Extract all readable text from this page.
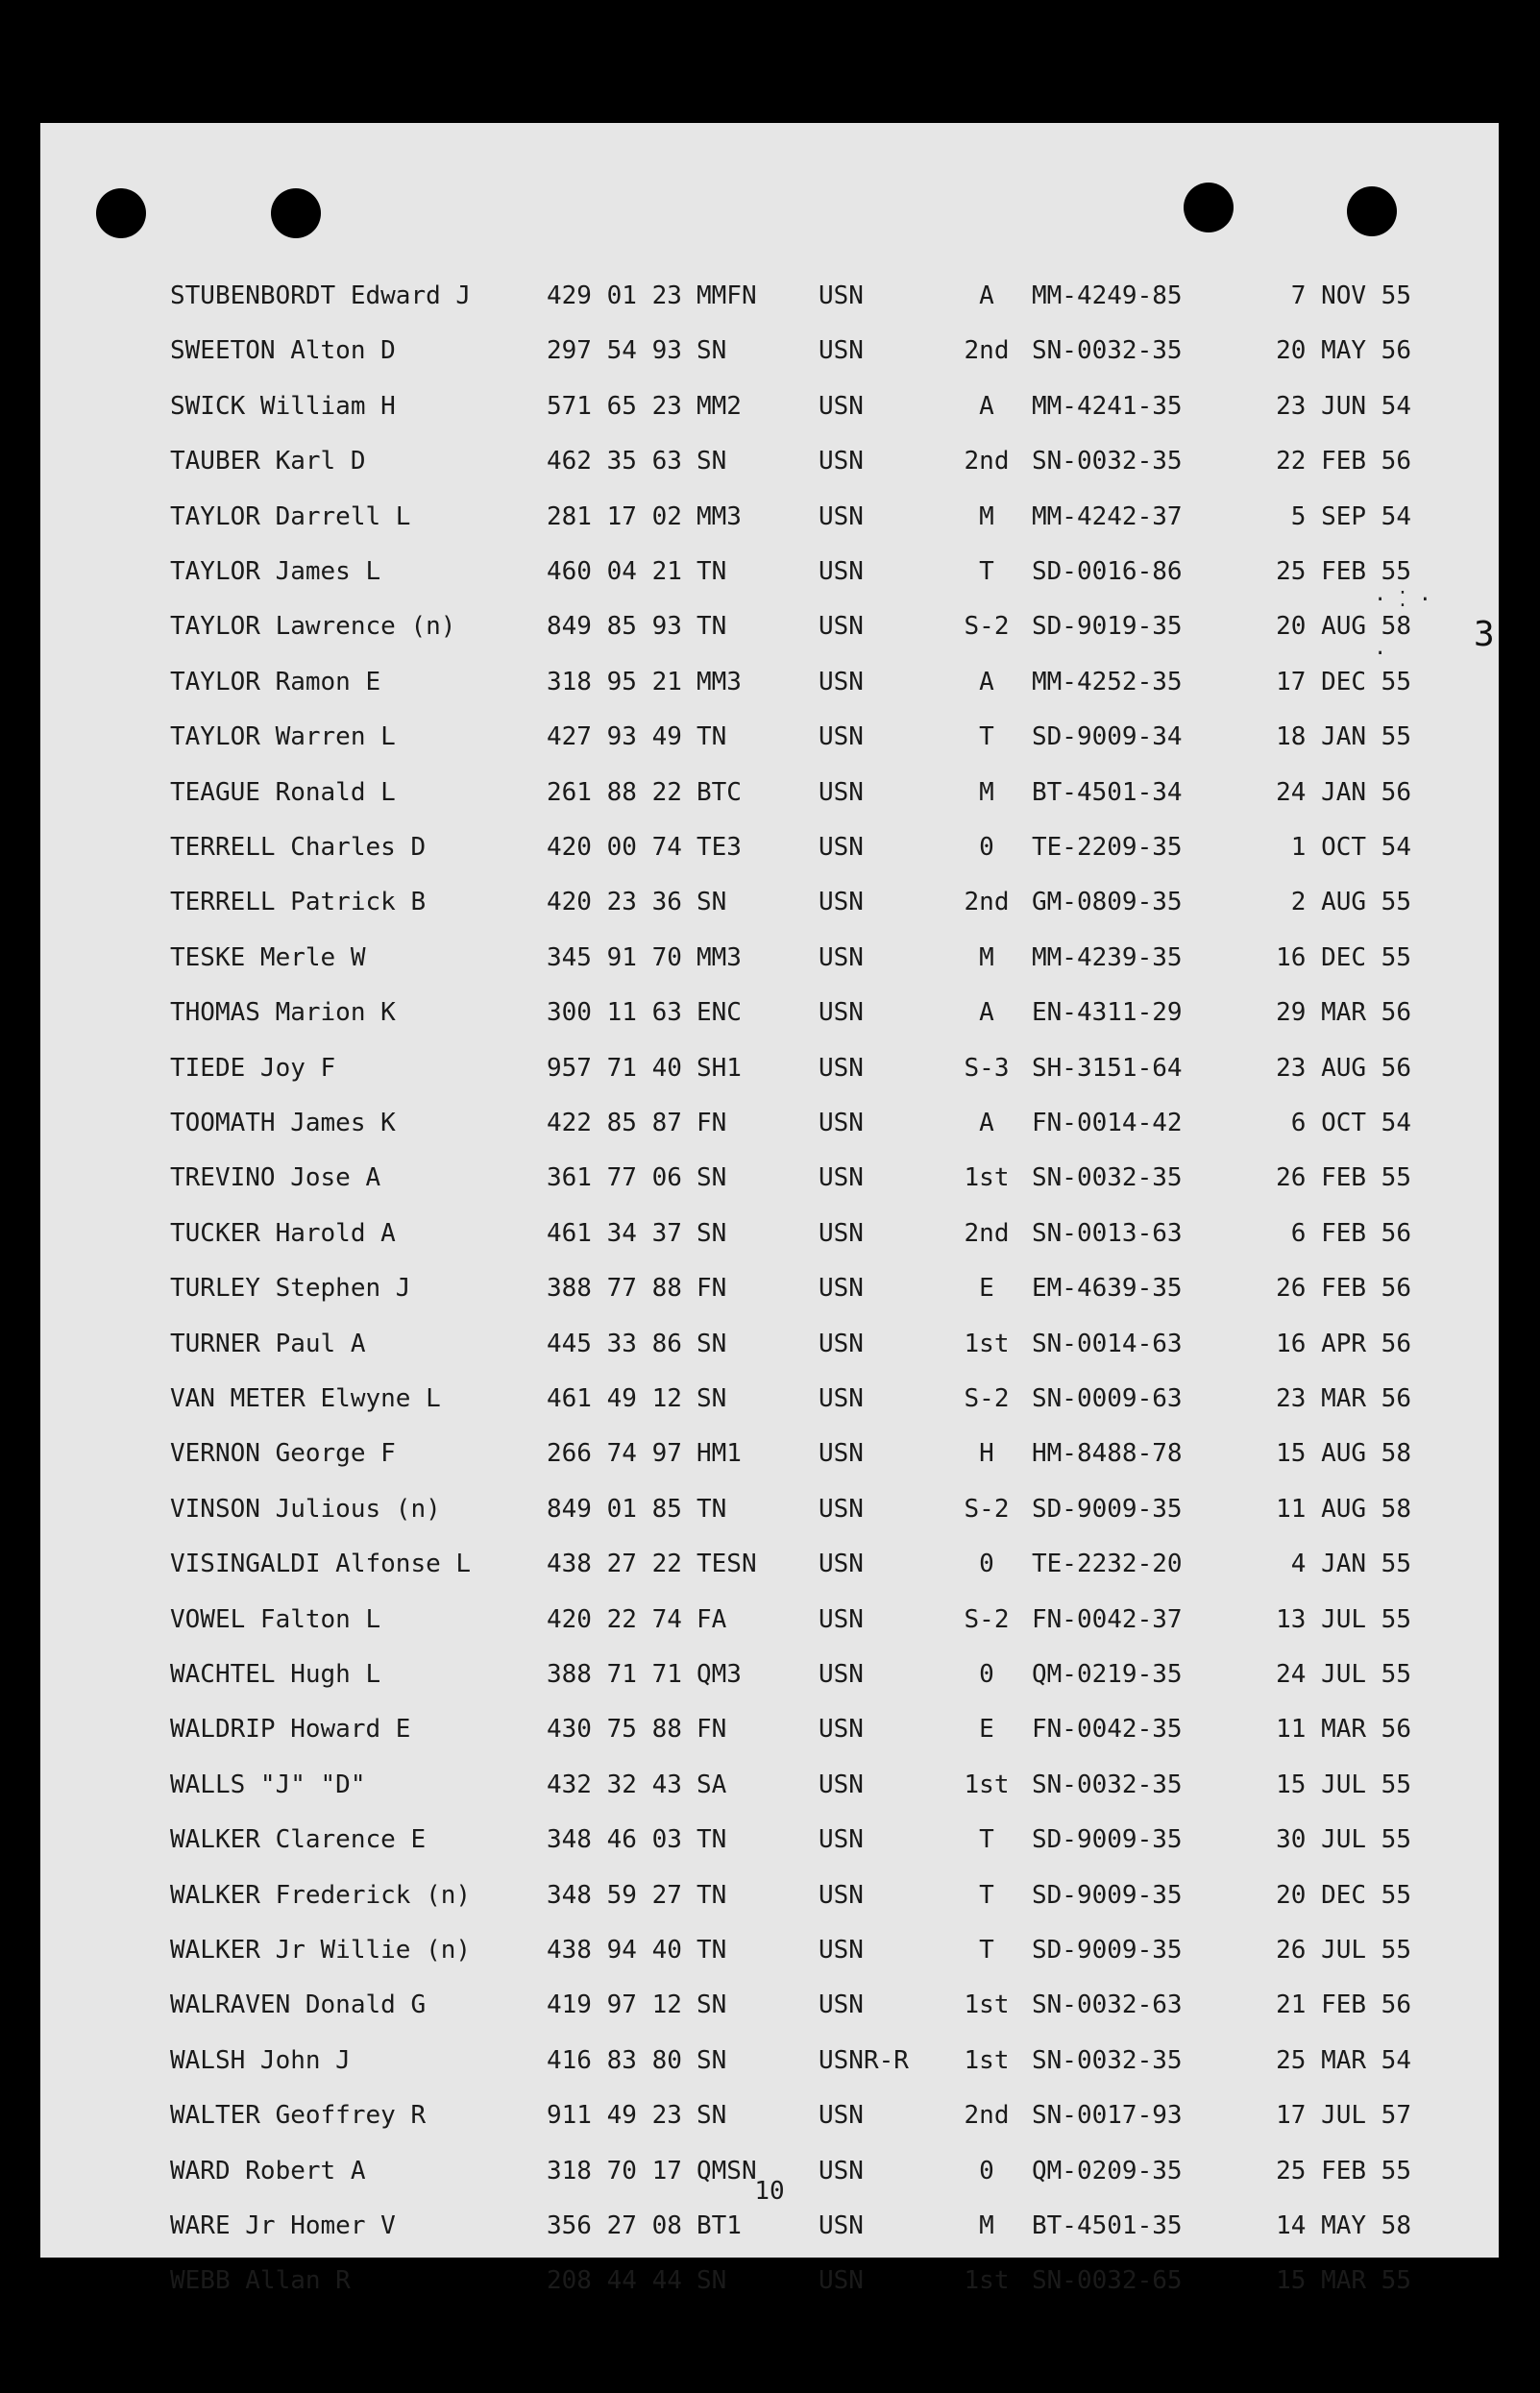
STUBENBORDT Edward J	429 01 23 MMFN USN	A	MM-4249-85	7 NOV 55
SWEETON Alton D	297 54 93 SN	USN	2nd SN-0032-35	20 MAY 56
SWICK William H	571 65 23 MM2	USN	A	MM-4241-35	23 JUN 54
TAUBER Karl D	462 35 63 SN	USN	2nd SN-0032-35	22 FEB 56
TAYLOR Darrell L	281 17 02 MM3	USN	M	MM-4242-37	5 SEP 54
TAYLOR James L	460 04 21 TN	USN	T	SD-0016-86	25 FEB 55
TAYLOR Lawrence (n)	849 85 93 TN	USN	S-2 SD-9019-35	20 AUG 58
TAYLOR Ramon E	318 95 21 MM3	USN	A	MM-4252-35	17 DEC 55
TAYLOR Warren L	427 93 49 TN	USN	T	SD-9009-34	18 JAN 55
TEAGUE Ronald L	261 88 22 BTC	USN	M	BT-4501-34	24 JAN 56
TERRELL Charles D	420 00 74 TE3	USN	0	TE-2209-35	1 OCT 54
TERRELL Patrick B	420 23 36 SN	USN	2nd GM-0809-35	2 AUG 55
TESKE Merle W	345 91 70 MM3	USN	M	MM-4239-35	16 DEC 55
THOMAS Marion K	300 11 63 ENC	USN	A	EN-4311-29	29 MAR 56
TIEDE Joy F	957 71 40 SH1	USN	S-3 SH-3151-64	23 AUG 56
TOOMATH James K	422 85 87 FN	USN	A	FN-0014-42	6 OCT 54
TREVINO Jose A	361 77 06 SN	USN	1st SN-0032-35	26 FEB 55
TUCKER Harold A	461 34 37 SN	USN	2nd SN-0013-63	6 FEB 56
TURLEY Stephen J	388 77 88 FN	USN	E	EM-4639-35	26 FEB 56
TURNER Paul A	445 33 86 SN	USN	1st SN-0014-63	16 APR 56
VAN METER Elwyne L	461 49 12 SN	USN	S-2 SN-0009-63	23 MAR 56
VERNON George F	266 74 97 HM1	USN	H	HM-8488-78	15 AUG 58
VINSON Julious (n)	849 01 85 TN	USN	S-2 SD-9009-35	11 AUG 58
VISINGALDI Alfonse L	438 27 22 TESN USN	0	TE-2232-20	4 JAN 55
VOWEL Falton L	420 22 74 FA	USN	S-2 FN-0042-37	13 JUL 55
WACHTEL Hugh L	388 71 71 QM3	USN	0	QM-0219-35	24 JUL 55
WALDRIP Howard E	430 75 88 FN	USN	E	FN-0042-35	11 MAR 56
WALLS "J" "D"	432 32 43 SA	USN	1st SN-0032-35	15 JUL 55
WALKER Clarence E	348 46 03 TN	USN	T	SD-9009-35	30 JUL 55
WALKER Frederick (n)	348 59 27 TN	USN	T	SD-9009-35	20 DEC 55
WALKER Jr Willie (n)	438 94 40 TN	USN	T	SD-9009-35	26 JUL 55
WALRAVEN Donald G	419 97 12 SN	USN	1st SN-0032-63	21 FEB 56
WALSH John J	416 83 80 SN	USNR-R	1st SN-0032-35	25 MAR 54
WALTER Geoffrey R	911 49 23 SN	USN	2nd SN-0017-93	17 JUL 57
WARD Robert A	318 70 17 QMSN USN	0	QM-0209-35	25 FEB 55
WARE Jr Homer V	356 27 08 BT1	USN	M	BT-4501-35	14 MAY 58
WEBB Allan R	208 44 44 SN	USN	1st SN-0032-65	15 MAR 55
10
3
· ⁚ ·
·
